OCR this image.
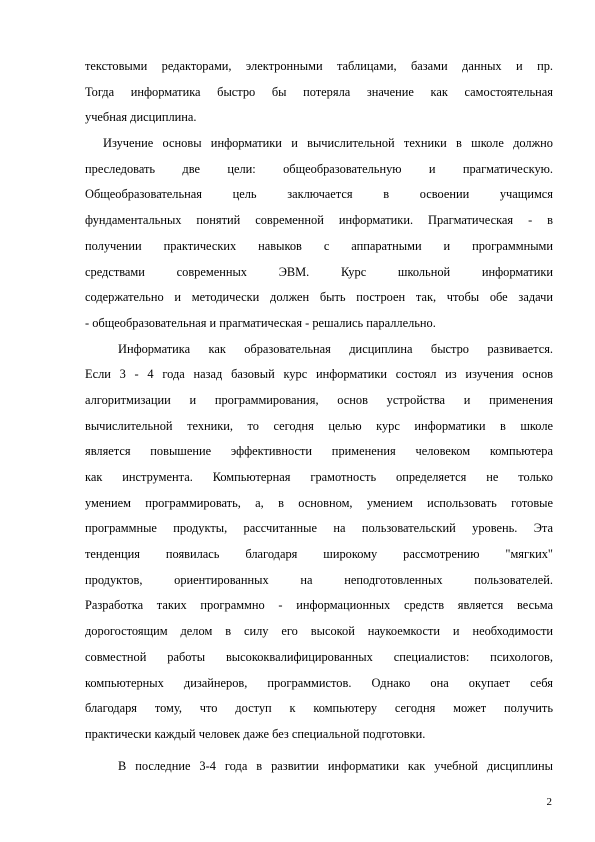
текстовыми редакторами, электронными таблицами, базами данных и пр.
Тогда информатика быстро бы потеряла значение как самостоятельная
учебная дисциплина.
Изучение основы информатики и вычислительной техники в школе должно
преследовать две цели: общеобразовательную и прагматическую.
Общеобразовательная цель заключается в освоении учащимся
фундаментальных понятий современной информатики. Прагматическая - в
получении практических навыков с аппаратными и программными
средствами современных ЭВМ. Курс школьной информатики
содержательно и методически должен быть построен так, чтобы обе задачи
- общеобразовательная и прагматическая - решались параллельно.
Информатика как образовательная дисциплина быстро развивается.
Если 3 - 4 года назад базовый курс информатики состоял из изучения основ
алгоритмизации и программирования, основ устройства и применения
вычислительной техники, то сегодня целью курс информатики в школе
является повышение эффективности применения человеком компьютера
как инструмента. Компьютерная грамотность определяется не только
умением программировать, а, в основном, умением использовать готовые
программные продукты, рассчитанные на пользовательский уровень. Эта
тенденция появилась благодаря широкому рассмотрению "мягких"
продуктов, ориентированных на неподготовленных пользователей.
Разработка таких программно - информационных средств является весьма
дорогостоящим делом в силу его высокой наукоемкости и необходимости
совместной работы высококвалифицированных специалистов: психологов,
компьютерных дизайнеров, программистов. Однако она окупает себя
благодаря тому, что доступ к компьютеру сегодня может получить
практически каждый человек даже без специальной подготовки.
В последние 3-4 года в развитии информатики как учебной дисциплины
2
